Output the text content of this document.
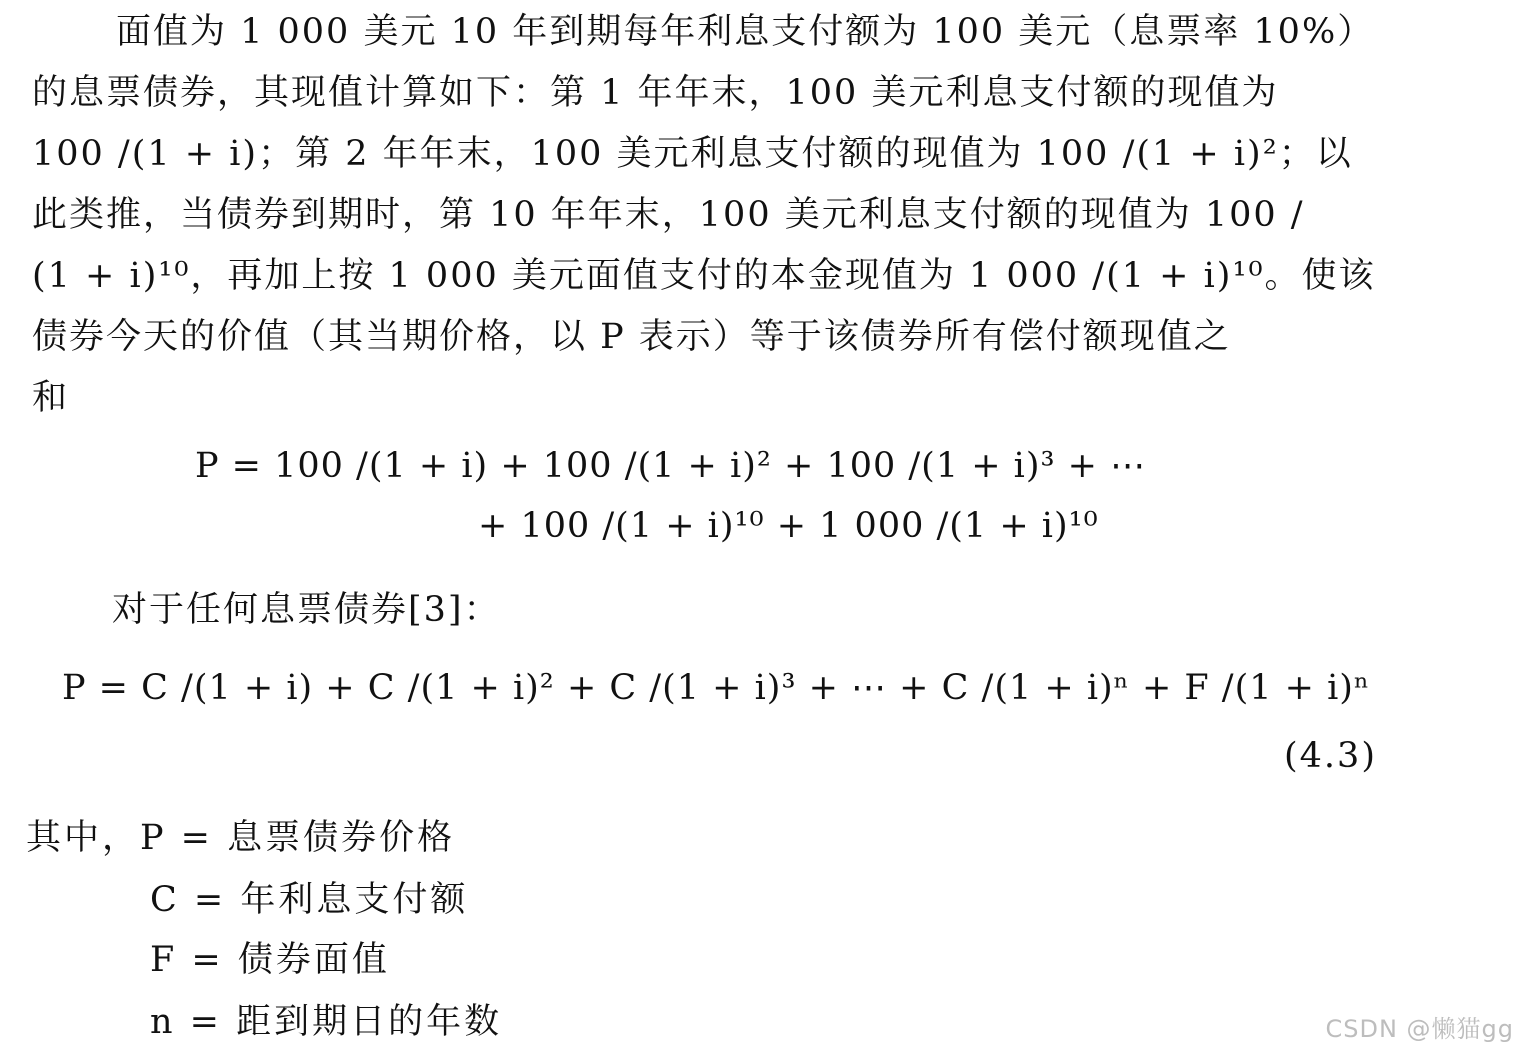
面值为 1 000 美元 10 年到期每年利息支付额为 100 美元（息票率 10%）
的息票债券，其现值计算如下：第 1 年年末，100 美元利息支付额的现值为
100 /(1 + i)；第 2 年年末，100 美元利息支付额的现值为 100 /(1 + i)²；以
此类推，当债券到期时，第 10 年年末，100 美元利息支付额的现值为 100 /
(1 + i)¹⁰，再加上按 1 000 美元面值支付的本金现值为 1 000 /(1 + i)¹⁰。使该
债券今天的价值（其当期价格，以 P 表示）等于该债券所有偿付额现值之
和
P = 100 /(1 + i) + 100 /(1 + i)² + 100 /(1 + i)³ + ⋯
+ 100 /(1 + i)¹⁰ + 1 000 /(1 + i)¹⁰
对于任何息票债券[3]：
P = C /(1 + i) + C /(1 + i)² + C /(1 + i)³ + ⋯ + C /(1 + i)ⁿ + F /(1 + i)ⁿ
(4.3)
其中，P = 息票债券价格
C = 年利息支付额
F = 债券面值
n = 距到期日的年数	CSDN @懒猫gg
